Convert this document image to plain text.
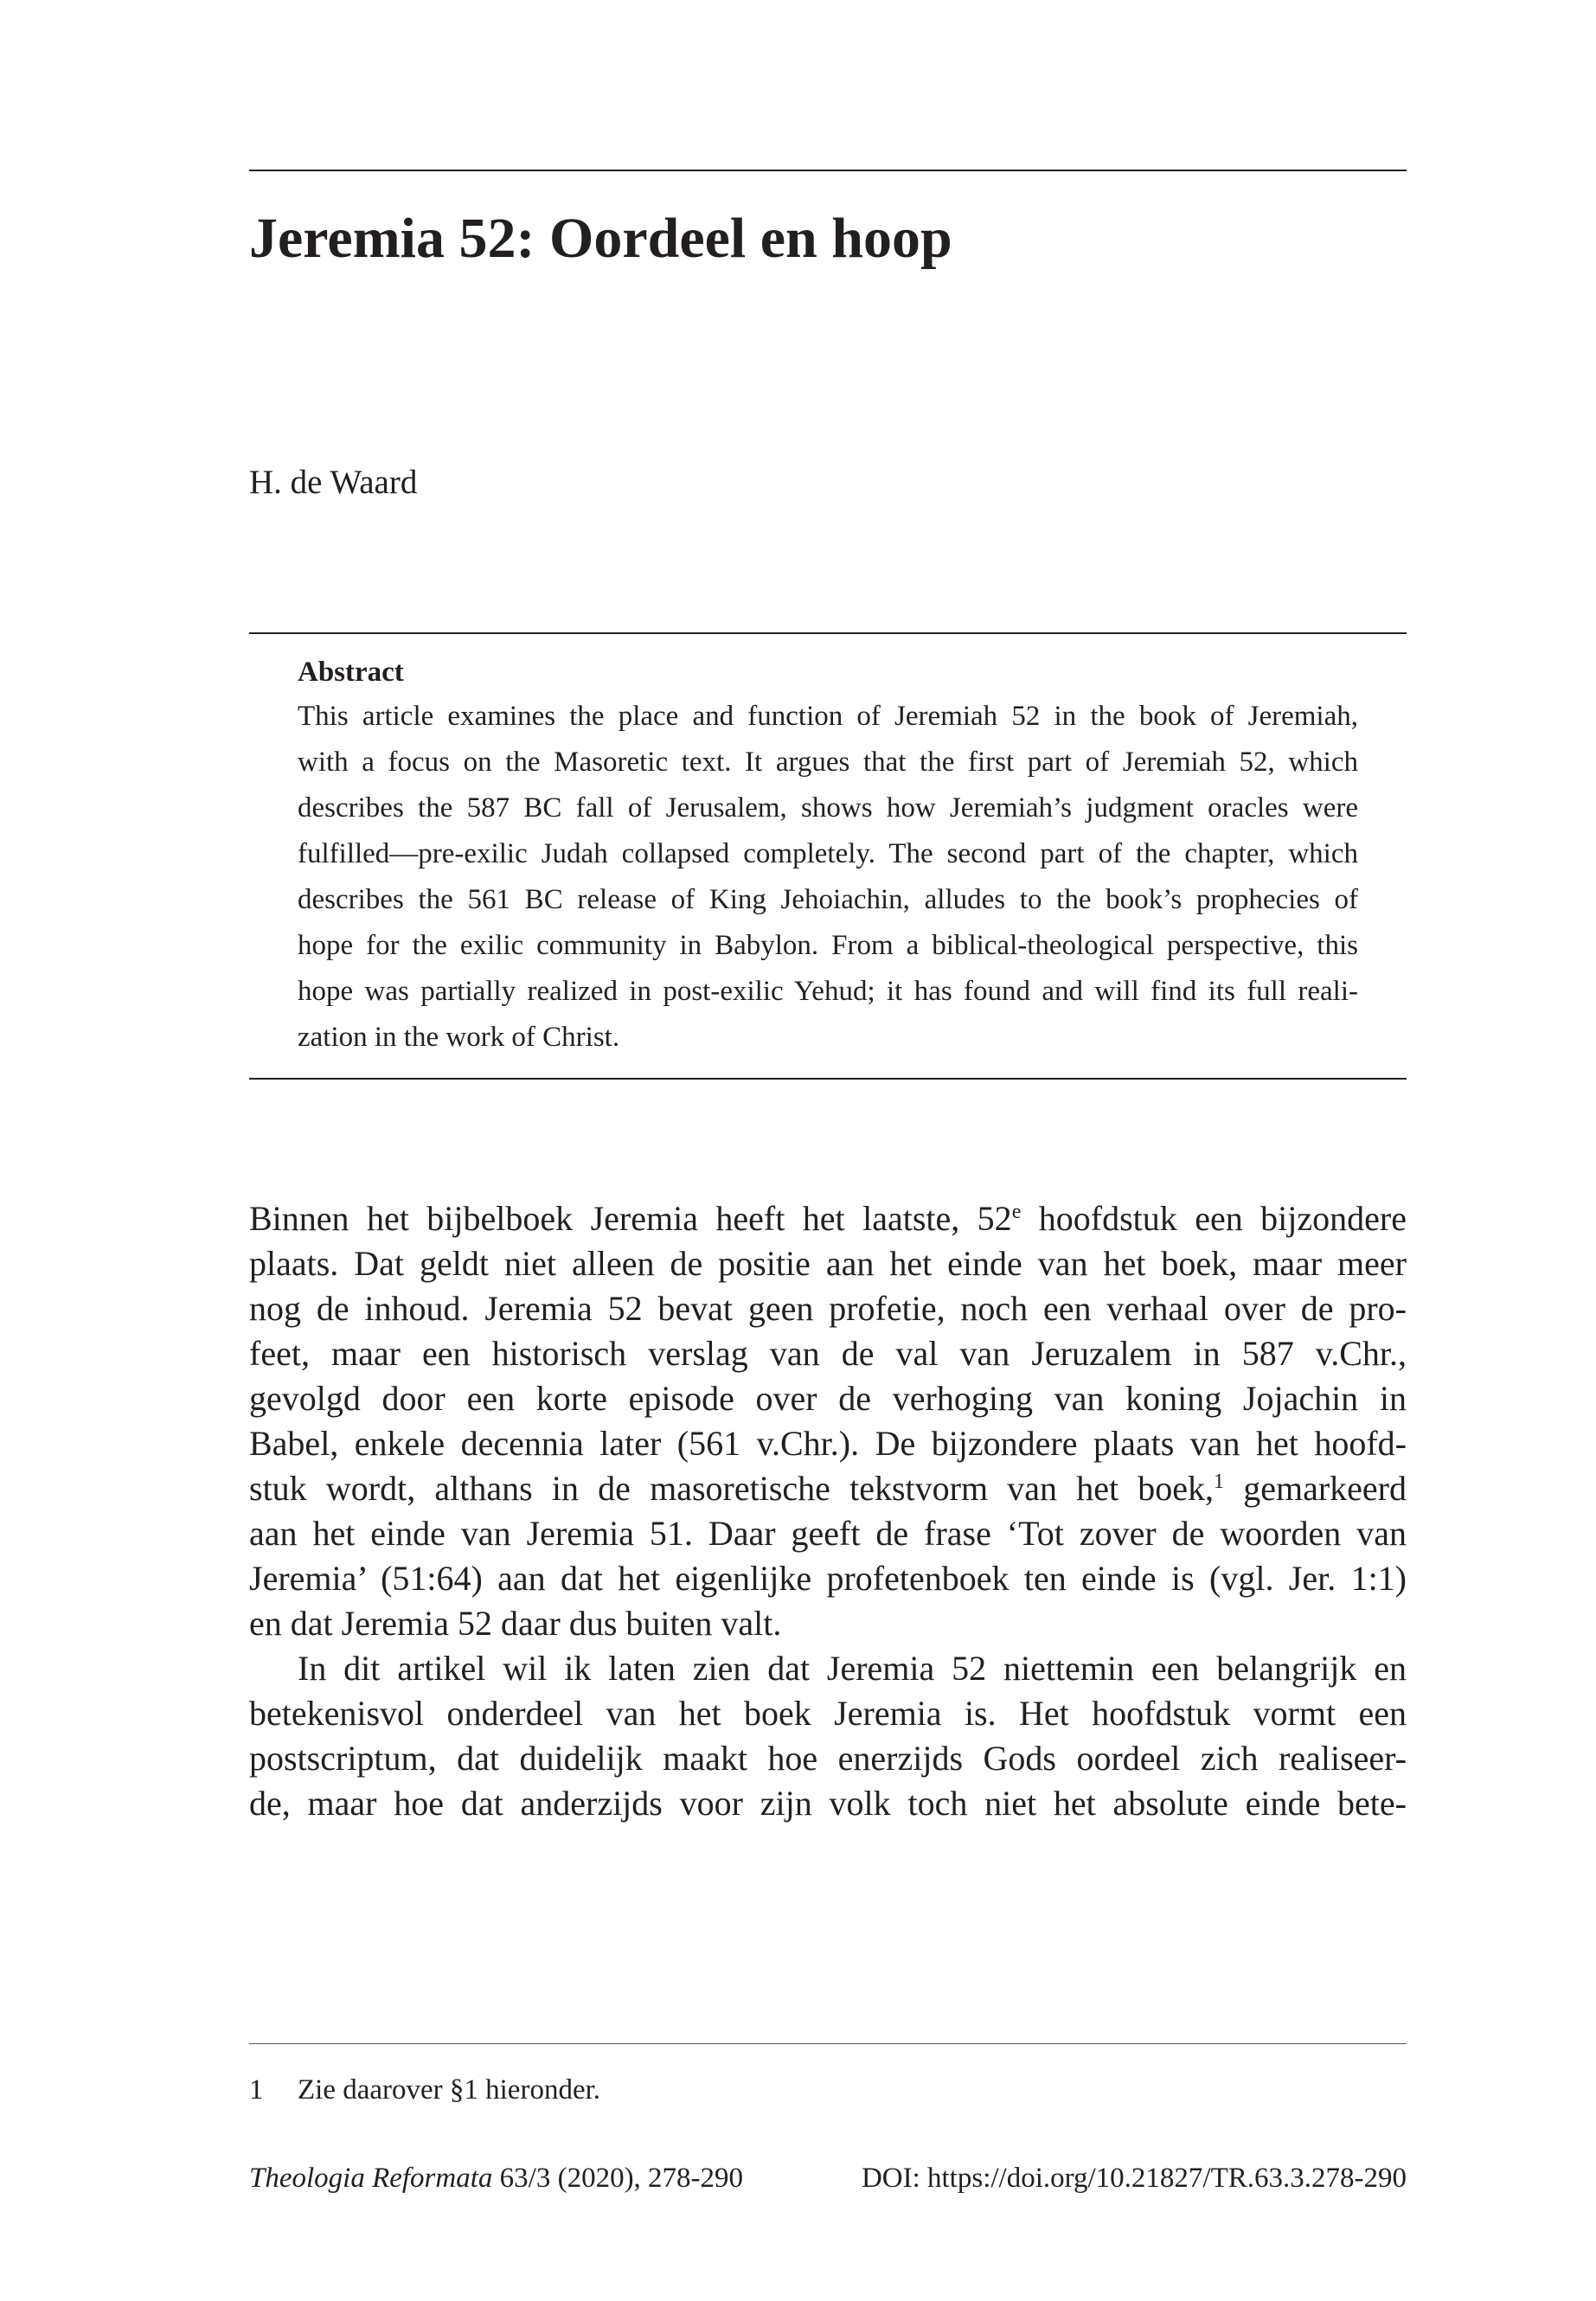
Jeremia 52: Oordeel en hoop
H. de Waard
Abstract
This article examines the place and function of Jeremiah 52 in the book of Jeremiah,
with a focus on the Masoretic text. It argues that the first part of Jeremiah 52, which
describes the 587 BC fall of Jerusalem, shows how Jeremiah’s judgment oracles were
fulfilled—pre-exilic Judah collapsed completely. The second part of the chapter, which
describes the 561 BC release of King Jehoiachin, alludes to the book’s prophecies of
hope for the exilic community in Babylon. From a biblical-theological perspective, this
hope was partially realized in post-exilic Yehud; it has found and will find its full reali-
zation in the work of Christ.
Binnen het bijbelboek Jeremia heeft het laatste, 52e hoofdstuk een bijzondere
plaats. Dat geldt niet alleen de positie aan het einde van het boek, maar meer
nog de inhoud. Jeremia 52 bevat geen profetie, noch een verhaal over de pro-
feet, maar een historisch verslag van de val van Jeruzalem in 587 v.Chr.,
gevolgd door een korte episode over de verhoging van koning Jojachin in
Babel, enkele decennia later (561 v.Chr.). De bijzondere plaats van het hoofd-
stuk wordt, althans in de masoretische tekstvorm van het boek,$^1$ gemarkeerd
aan het einde van Jeremia 51. Daar geeft de frase ‘Tot zover de woorden van
Jeremia’ (51:64) aan dat het eigenlijke profetenboek ten einde is (vgl. Jer. 1:1)
en dat Jeremia 52 daar dus buiten valt.
In dit artikel wil ik laten zien dat Jeremia 52 niettemin een belangrijk en
betekenisvol onderdeel van het boek Jeremia is. Het hoofdstuk vormt een
postscriptum, dat duidelijk maakt hoe enerzijds Gods oordeel zich realiseer-
de, maar hoe dat anderzijds voor zijn volk toch niet het absolute einde bete-
1 Zie daarover §1 hieronder.
Theologia Reformata 63/3 (2020), 278-290	DOI: https://doi.org/10.21827/TR.63.3.278-290
